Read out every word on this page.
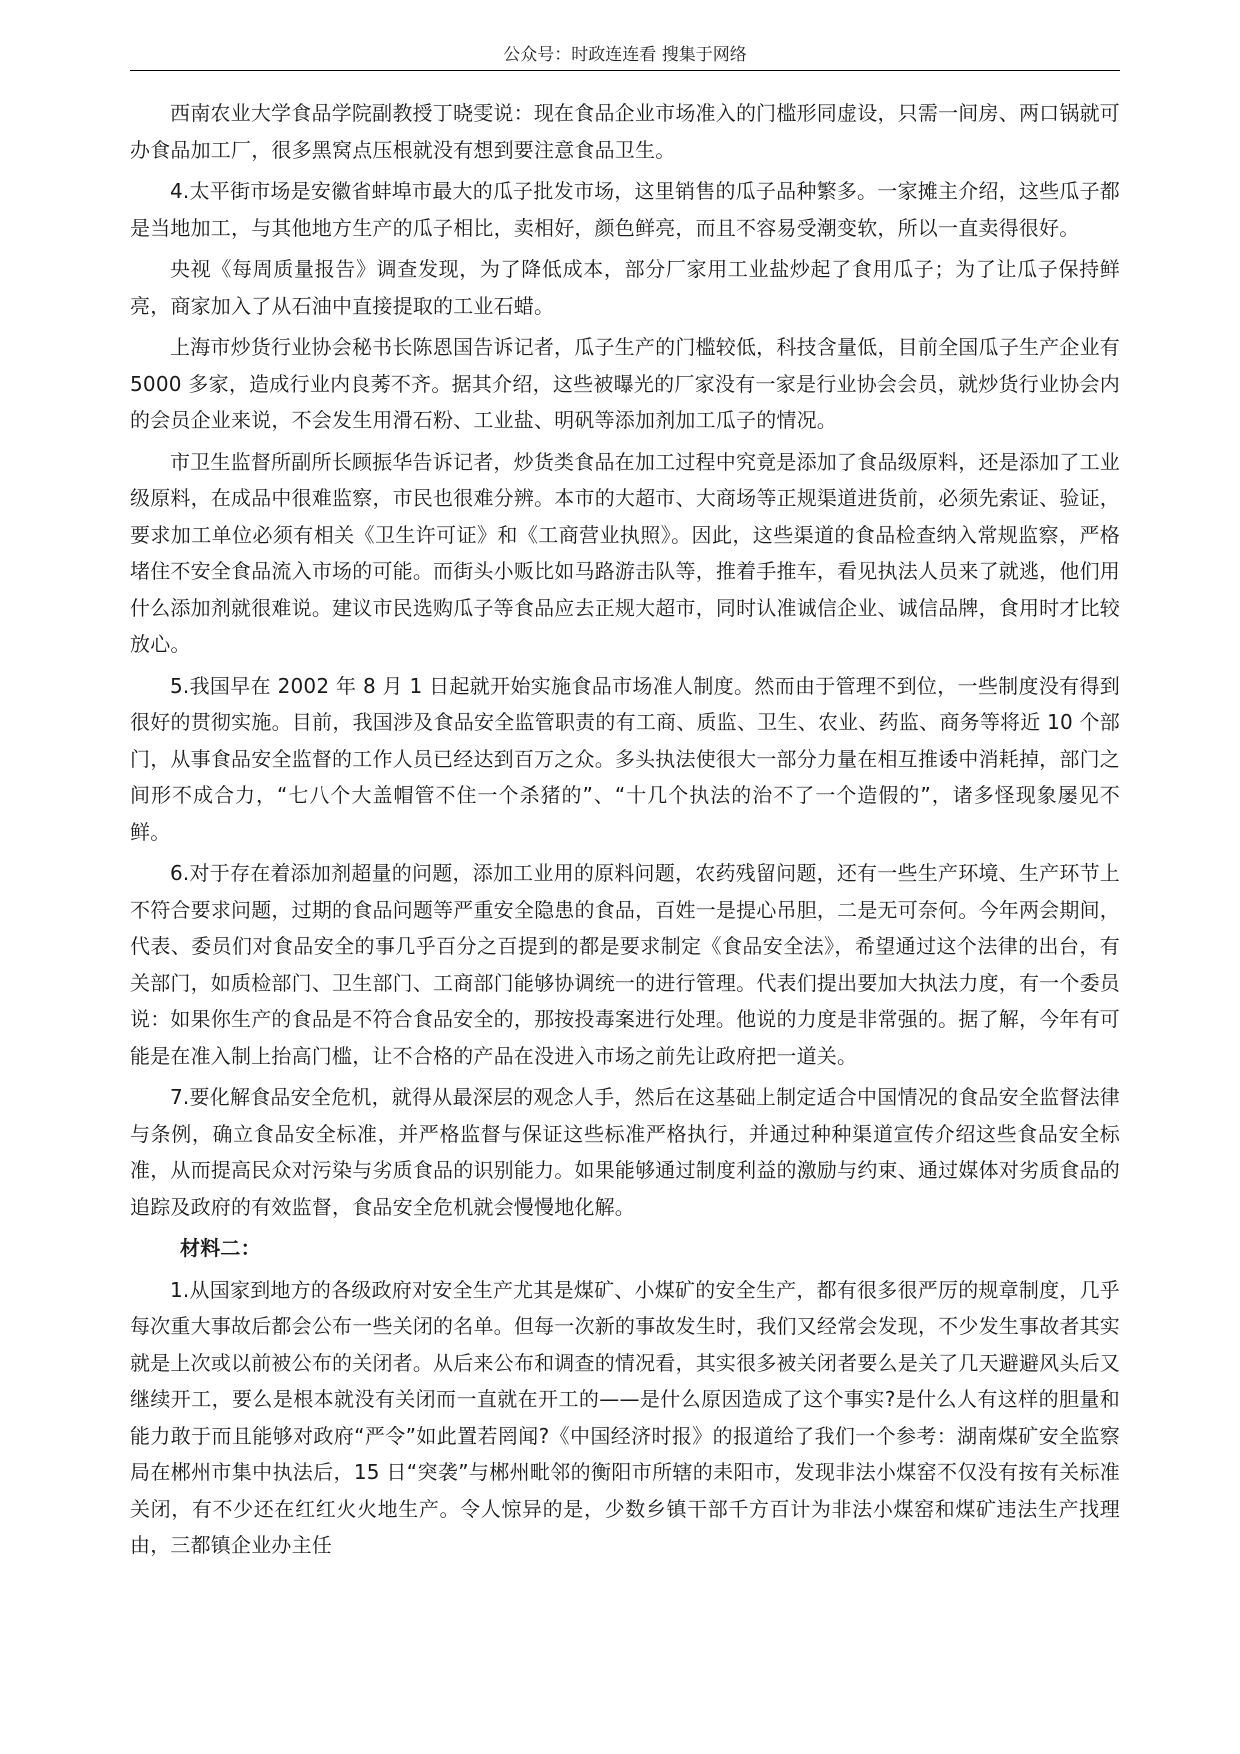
公众号：时政连连看 搜集于网络

西南农业大学食品学院副教授丁晓雯说：现在食品企业市场准入的门槛形同虚设，只需一间房、两口锅就可办食品加工厂，很多黑窝点压根就没有想到要注意食品卫生。

4.太平街市场是安徽省蚌埠市最大的瓜子批发市场，这里销售的瓜子品种繁多。一家摊主介绍，这些瓜子都是当地加工，与其他地方生产的瓜子相比，卖相好，颜色鲜亮，而且不容易受潮变软，所以一直卖得很好。

央视《每周质量报告》调查发现，为了降低成本，部分厂家用工业盐炒起了食用瓜子；为了让瓜子保持鲜亮，商家加入了从石油中直接提取的工业石蜡。

上海市炒货行业协会秘书长陈恩国告诉记者，瓜子生产的门槛较低，科技含量低，目前全国瓜子生产企业有 5000 多家，造成行业内良莠不齐。据其介绍，这些被曝光的厂家没有一家是行业协会会员，就炒货行业协会内的会员企业来说，不会发生用滑石粉、工业盐、明矾等添加剂加工瓜子的情况。

市卫生监督所副所长顾振华告诉记者，炒货类食品在加工过程中究竟是添加了食品级原料，还是添加了工业级原料，在成品中很难监察，市民也很难分辨。本市的大超市、大商场等正规渠道进货前，必须先索证、验证，要求加工单位必须有相关《卫生许可证》和《工商营业执照》。因此，这些渠道的食品检查纳入常规监察，严格堵住不安全食品流入市场的可能。而街头小贩比如马路游击队等，推着手推车，看见执法人员来了就逃，他们用什么添加剂就很难说。建议市民选购瓜子等食品应去正规大超市，同时认准诚信企业、诚信品牌，食用时才比较放心。

5.我国早在 2002 年 8 月 1 日起就开始实施食品市场准人制度。然而由于管理不到位，一些制度没有得到很好的贯彻实施。目前，我国涉及食品安全监管职责的有工商、质监、卫生、农业、药监、商务等将近 10 个部门，从事食品安全监督的工作人员已经达到百万之众。多头执法使很大一部分力量在相互推诿中消耗掉，部门之间形不成合力，“七八个大盖帽管不住一个杀猪的”、“十几个执法的治不了一个造假的”，诸多怪现象屡见不鲜。

6.对于存在着添加剂超量的问题，添加工业用的原料问题，农药残留问题，还有一些生产环境、生产环节上不符合要求问题，过期的食品问题等严重安全隐患的食品，百姓一是提心吊胆，二是无可奈何。今年两会期间，代表、委员们对食品安全的事几乎百分之百提到的都是要求制定《食品安全法》，希望通过这个法律的出台，有关部门，如质检部门、卫生部门、工商部门能够协调统一的进行管理。代表们提出要加大执法力度，有一个委员说：如果你生产的食品是不符合食品安全的，那按投毒案进行处理。他说的力度是非常强的。据了解，今年有可能是在准入制上抬高门槛，让不合格的产品在没进入市场之前先让政府把一道关。

7.要化解食品安全危机，就得从最深层的观念人手，然后在这基础上制定适合中国情况的食品安全监督法律与条例，确立食品安全标准，并严格监督与保证这些标准严格执行，并通过种种渠道宣传介绍这些食品安全标准，从而提高民众对污染与劣质食品的识别能力。如果能够通过制度利益的激励与约束、通过媒体对劣质食品的追踪及政府的有效监督，食品安全危机就会慢慢地化解。

材料二：

1.从国家到地方的各级政府对安全生产尤其是煤矿、小煤矿的安全生产，都有很多很严厉的规章制度，几乎每次重大事故后都会公布一些关闭的名单。但每一次新的事故发生时，我们又经常会发现，不少发生事故者其实就是上次或以前被公布的关闭者。从后来公布和调查的情况看，其实很多被关闭者要么是关了几天避避风头后又继续开工，要么是根本就没有关闭而一直就在开工的——是什么原因造成了这个事实?是什么人有这样的胆量和能力敢于而且能够对政府“严令”如此置若罔闻?《中国经济时报》的报道给了我们一个参考：湖南煤矿安全监察局在郴州市集中执法后，15 日“突袭”与郴州毗邻的衡阳市所辖的耒阳市，发现非法小煤窑不仅没有按有关标准关闭，有不少还在红红火火地生产。令人惊异的是，少数乡镇干部千方百计为非法小煤窑和煤矿违法生产找理由，三都镇企业办主任
